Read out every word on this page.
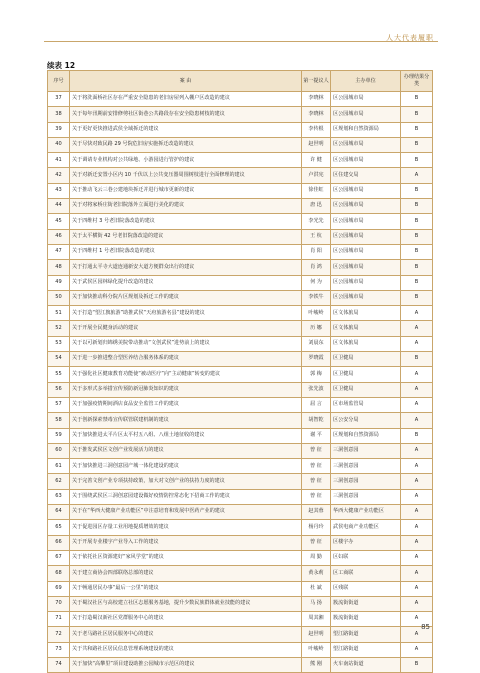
人大代表履职
续表 12
序号	案 由	第一提议人	主办单位	办理结果分类
37	关于将洗面桥社区存在严重安全隐患的老旧房屋列入棚户区改造的建议	李晓林	区公园城市局	B
38	关于每年汛期前安排修剪社区街巷公共路段存在安全隐患树枝的建议	李晓林	区公园城市局	B
39	关于更好更快推进武侯全域拆迁的建议	李传根	区规划和自然资源局	B
40	关于尽快对致民路 29 号院危旧房实施拆迁改造的建议	赵世明	区公园城市局	B
41	关于调请专业机构对公共绿地、小游园进行管护的建议	许 健	区公园城市局	B
42	关于对新迁安置小区内 10 千伏以上公共变压器周围树枝进行全面修理的建议	卢洪宪	区住建交局	A
43	关于推动飞云三巷公建地块拆迁并进行城市更新的建议	徐佳虹	区公园城市局	B
44	关于对将家桥庄街老旧院落外立面进行美化的建议	唐 迅	区公园城市局	B
45	关于四维村 3 号老旧院落改造的建议	李光先	区公园城市局	B
46	关于太平横街 42 号老旧院落改造的建议	王 杭	区公园城市局	B
47	关于四维村 1 号老旧院落改造的建议	肖 阳	区公园城市局	B
48	关于打通太平寺大道连通新安大道方便群众出行的建议	肖 鸿	区公园城市局	B
49	关于武侯区园林绿化提升改造的建议	何 为	区公园城市局	B
50	关于加快推动科分院片区规划及拆迁工作的建议	李铁牛	区公园城市局	B
51	关于打造“望江旗旅游”助推武侯“天府旅游名县”建设的建议	叶峻岭	区文体旅局	A
52	关于开展全民健身活动的建议	历 娜	区文体旅局	A
53	关于以可新划归锦绣美院带动推动“文创武侯”进势前上的建议	刘晨东	区文体旅局	A
54	关于进一步推进整合型医养结合服务体系的建议	罗晓霞	区卫健局	B
55	关于强化社区健康教育功能使“被动医疗”向“主动健康”转变的建议	郭 梅	区卫健局	A
56	关于多形式多举措宣传预防新冠肺炎知识的建议	张先波	区卫健局	A
57	关于加强疫情期间酒店食品安全监管工作的建议	屈 言	区市场监管局	A
58	关于创新探索禁毒宣传联管联建机制的建议	胡智乾	区公安分局	A
59	关于加快推进太平片区太平村五八组、八组土地征收的建议	谢 平	区规划和自然资源局	B
60	关于推发武侯区文创产业发展活力的建议	曾 征	三洞创意园	A
61	关于加快推进三洞创意园产城一体化建设的建议	曾 征	三洞创意园	A
62	关于完善文创产业专项扶持政策，加大对文创产业的扶持力度的建议	曾 征	三洞创意园	A
63	关于围绕武侯区三洞创意园建设做好疫情防控常态化下招商工作的建议	曾 征	三洞创意园	A
64	关于在“华西大健康产业功能区”中注意培育和发展中医药产业的建议	赵其蓉	华西大健康产业功能区	A
65	关于促进园区存量工业用地提质增效的建议	杨丹玲	武侯电商产业功能区	A
66	关于开展专业楼宇产业导入工作的建议	曾 征	区楼宇办	A
67	关于依托社区资源建好“家风学堂”的建议	周 勤	区妇联	A
68	关于建立商协会四部联络总部的建议	黄永莉	区工商联	A
69	关于畅通居民办事“最后一公里”的建议	杜 斌	区残联	A
70	关于蜀汉社区与高校建立社区志愿服务基地，提升少数民族群体就业技能的建议	马 扬	簇流街街道	A
71	关于打造蜀汉新社区党群服务中心的建议	周其湘	簇流街街道	A
72	关于老马路社区居民服务中心的建议	赵世明	望江路街道	A
73	关于共和路社区居民信息管理系统建设的建议	叶峻岭	望江路街道	A
74	关于加快“高攀里”项目建设助推公园城市示范区的建议	熊 刚	火车南站街道	B
85
